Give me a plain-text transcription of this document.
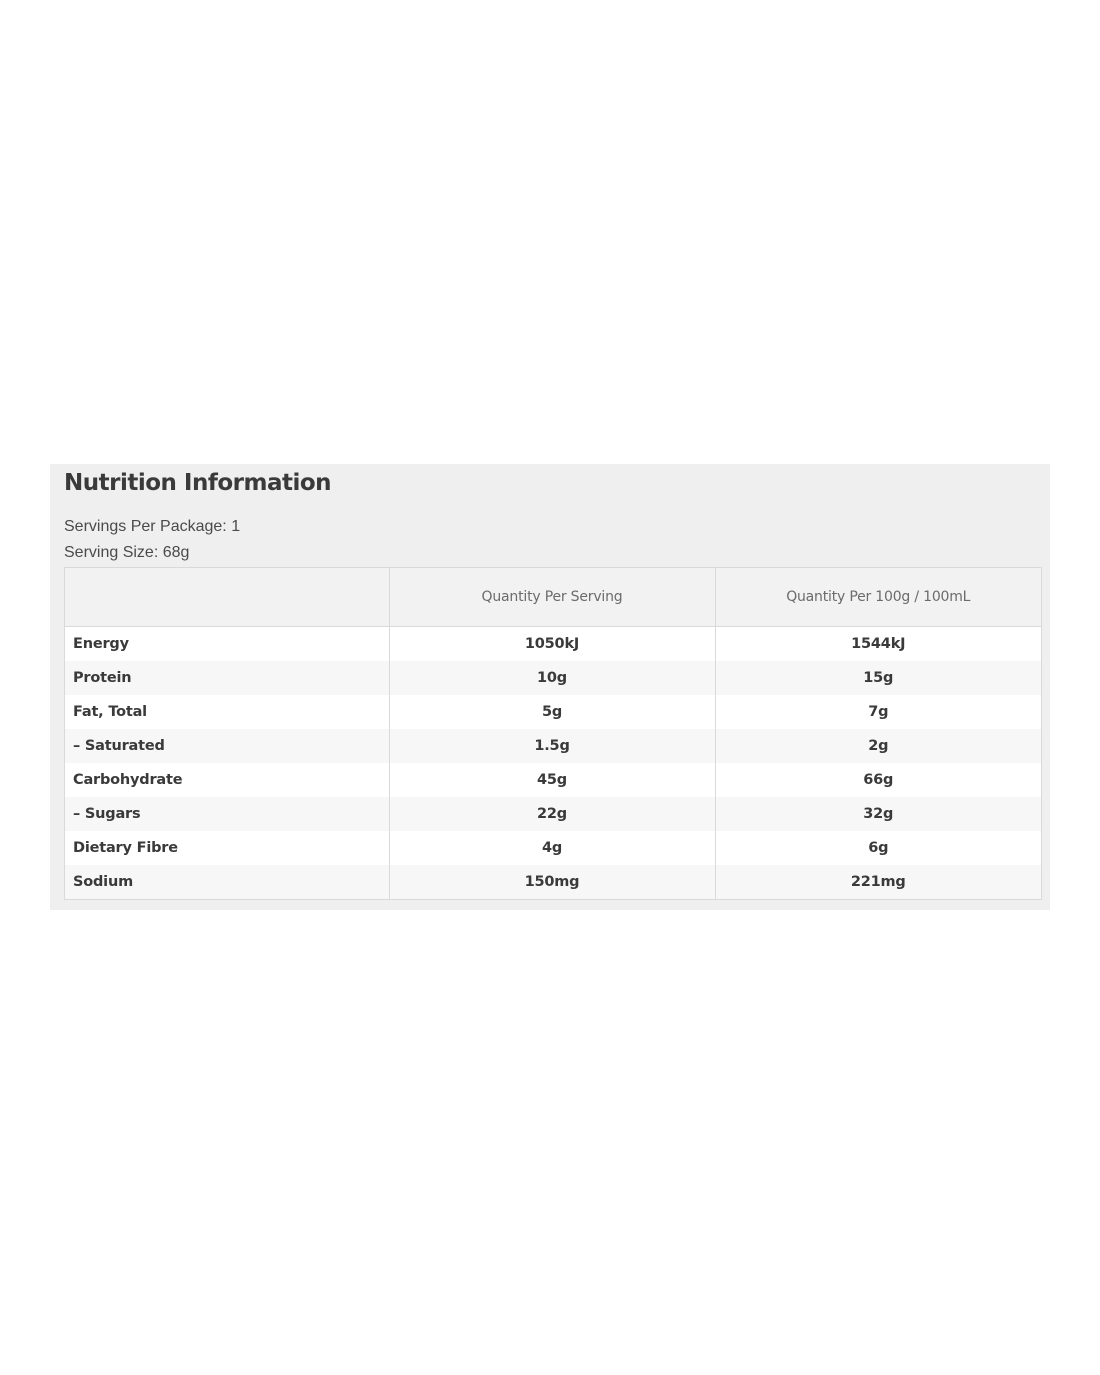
Nutrition Information
Servings Per Package: 1
Serving Size: 68g
	Quantity Per Serving	Quantity Per 100g / 100mL
Energy	1050kJ	1544kJ
Protein	10g	15g
Fat, Total	5g	7g
– Saturated	1.5g	2g
Carbohydrate	45g	66g
– Sugars	22g	32g
Dietary Fibre	4g	6g
Sodium	150mg	221mg
